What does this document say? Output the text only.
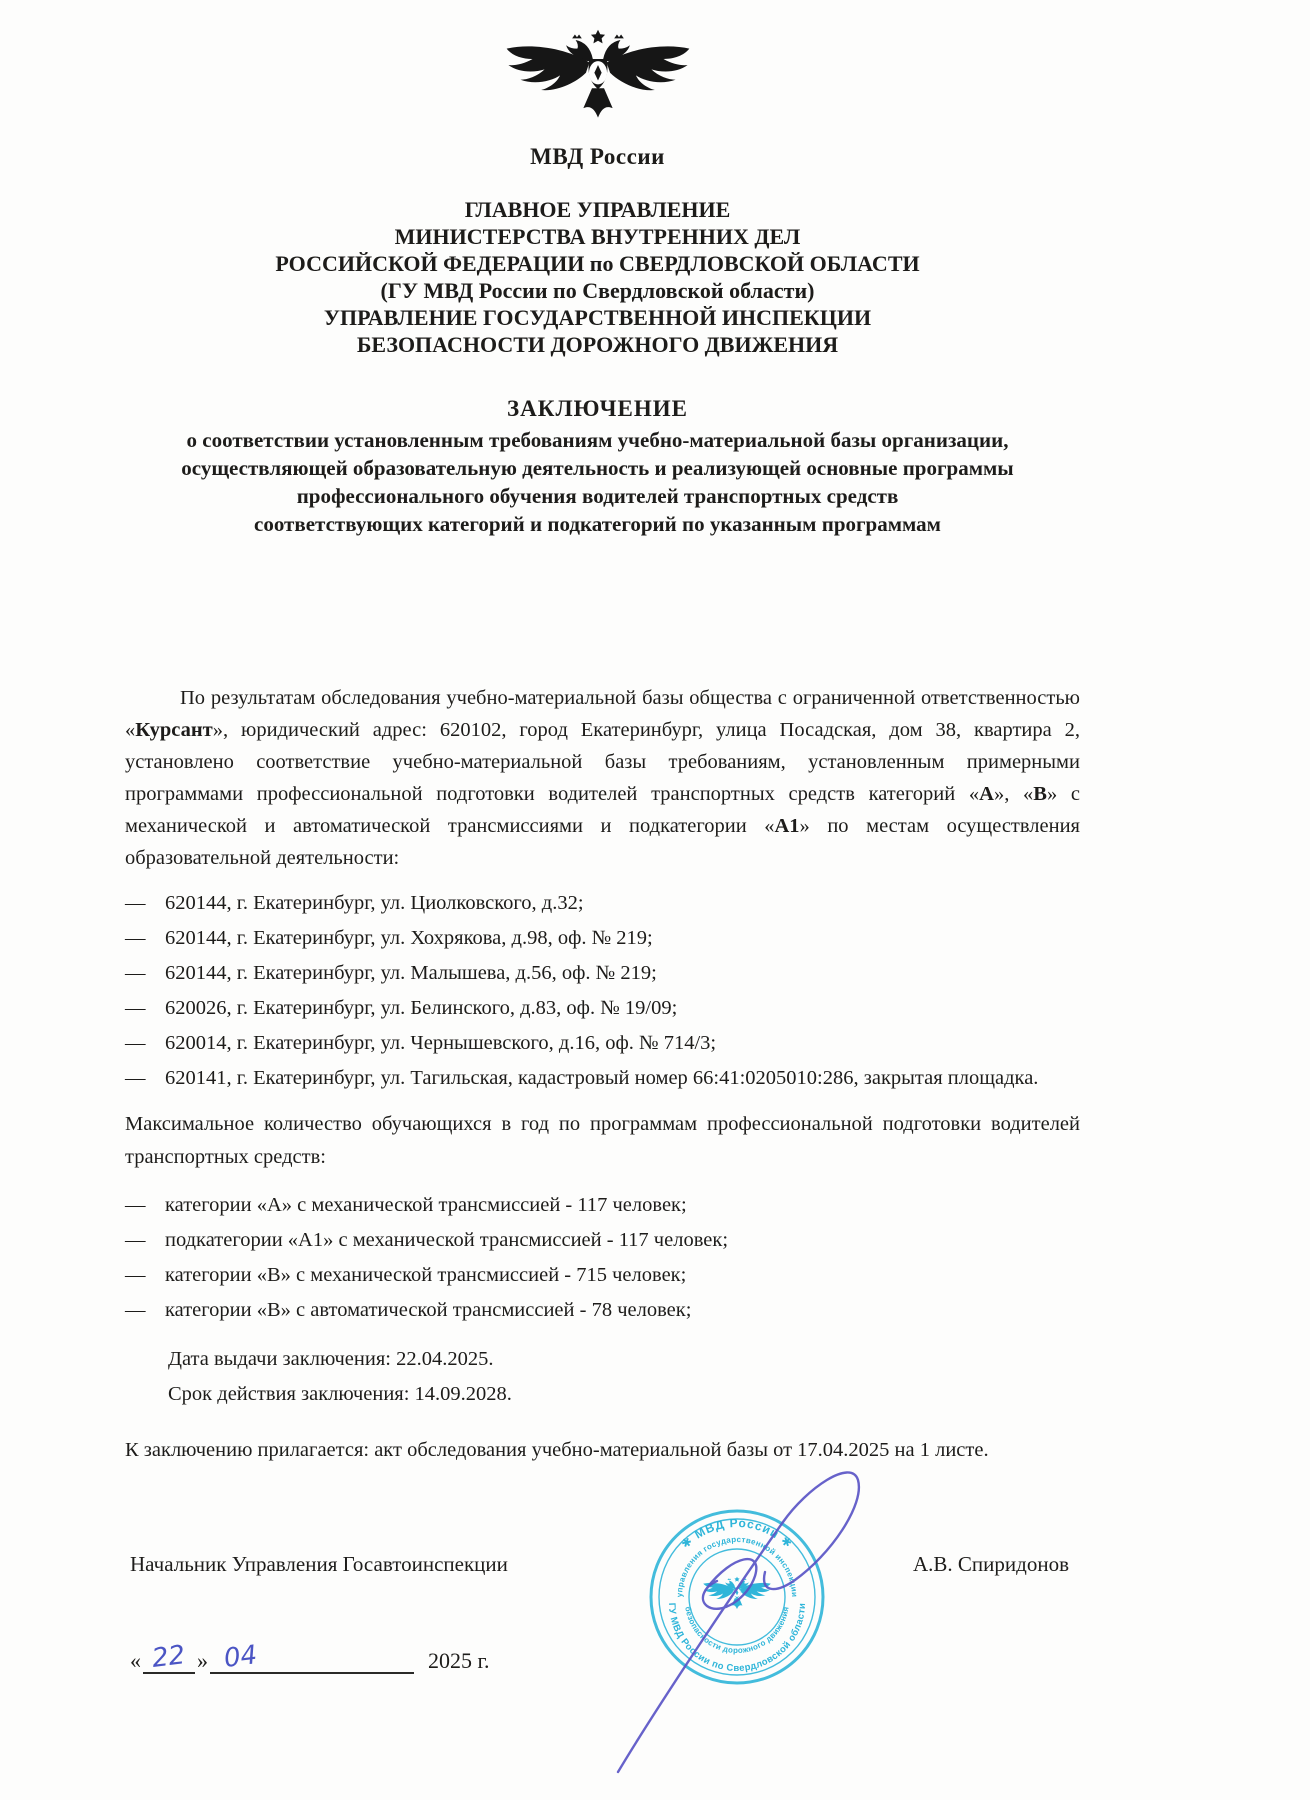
МВД России
ГЛАВНОЕ УПРАВЛЕНИЕ
МИНИСТЕРСТВА ВНУТРЕННИХ ДЕЛ
РОССИЙСКОЙ ФЕДЕРАЦИИ по СВЕРДЛОВСКОЙ ОБЛАСТИ
(ГУ МВД России по Свердловской области)
УПРАВЛЕНИЕ ГОСУДАРСТВЕННОЙ ИНСПЕКЦИИ
БЕЗОПАСНОСТИ ДОРОЖНОГО ДВИЖЕНИЯ
ЗАКЛЮЧЕНИЕ
о соответствии установленным требованиям учебно-материальной базы организации,
осуществляющей образовательную деятельность и реализующей основные программы
профессионального обучения водителей транспортных средств
соответствующих категорий и подкатегорий по указанным программам

По результатам обследования учебно-материальной базы общества с ограниченной ответственностью «Курсант», юридический адрес: 620102, город Екатеринбург, улица Посадская, дом 38, квартира 2, установлено соответствие учебно-материальной базы требованиям, установленным примерными программами профессиональной подготовки водителей транспортных средств категорий «А», «В» с механической и автоматической трансмиссиями и подкатегории «А1» по местам осуществления образовательной деятельности:

— 620144, г. Екатеринбург, ул. Циолковского, д.32;
— 620144, г. Екатеринбург, ул. Хохрякова, д.98, оф. № 219;
— 620144, г. Екатеринбург, ул. Малышева, д.56, оф. № 219;
— 620026, г. Екатеринбург, ул. Белинского, д.83, оф. № 19/09;
— 620014, г. Екатеринбург, ул. Чернышевского, д.16, оф. № 714/3;
— 620141, г. Екатеринбург, ул. Тагильская, кадастровый номер 66:41:0205010:286, закрытая площадка.
Максимальное количество обучающихся в год по программам профессиональной подготовки водителей транспортных средств:
— категории «А» с механической трансмиссией - 117 человек;
— подкатегории «А1» с механической трансмиссией - 117 человек;
— категории «В» с механической трансмиссией - 715 человек;
— категории «В» с автоматической трансмиссией - 78 человек;
Дата выдачи заключения: 22.04.2025.
Срок действия заключения: 14.09.2028.
К заключению прилагается: акт обследования учебно-материальной базы от 17.04.2025 на 1 листе.
Начальник Управления Госавтоинспекции	А.В. Спиридонов
« 22 » 04	2025 г.
✱ МВД России ✱
ГУ МВД России по Свердловской области
управления государственной инспекции
безопасности дорожного движения
